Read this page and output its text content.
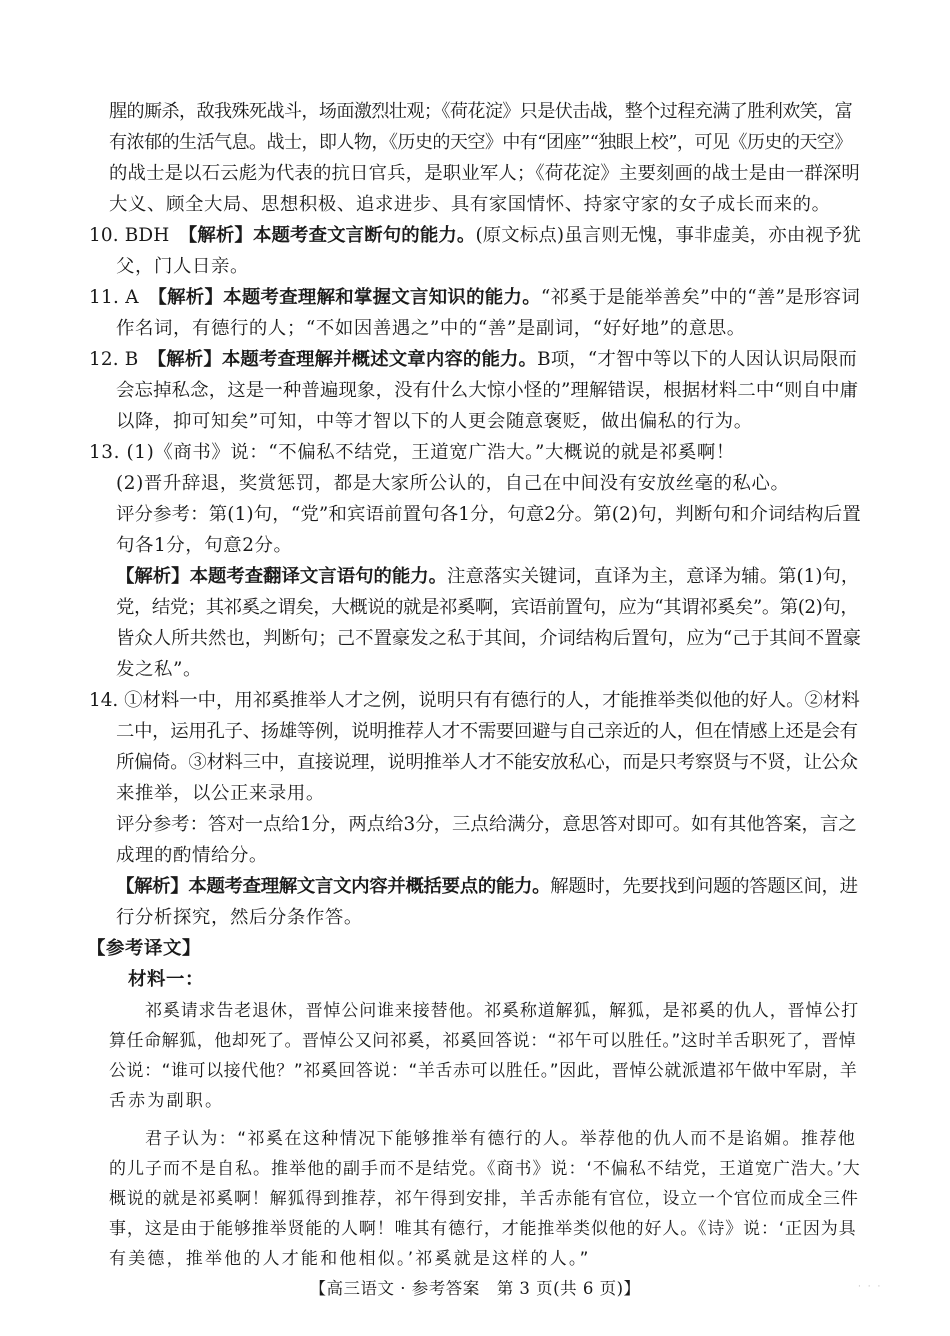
腥的厮杀，敌我殊死战斗，场面激烈壮观；《荷花淀》只是伏击战，整个过程充满了胜利欢笑，富
有浓郁的生活气息。战士，即人物，《历史的天空》中有“团座”“独眼上校”，可见《历史的天空》
的战士是以石云彪为代表的抗日官兵，是职业军人；《荷花淀》主要刻画的战士是由一群深明
大义、顾全大局、思想积极、追求进步、具有家国情怀、持家守家的女子成长而来的。
10. BDH　【解析】本题考查文言断句的能力。(原文标点)虽言则无愧，事非虚美，亦由视予犹
父，门人日亲。
11. A　【解析】本题考查理解和掌握文言知识的能力。“祁奚于是能举善矣”中的“善”是形容词
作名词，有德行的人；“不如因善遇之”中的“善”是副词，“好好地”的意思。
12. B　【解析】本题考查理解并概述文章内容的能力。B项，“才智中等以下的人因认识局限而
会忘掉私念，这是一种普遍现象，没有什么大惊小怪的”理解错误，根据材料二中“则自中庸
以降，抑可知矣”可知，中等才智以下的人更会随意褒贬，做出偏私的行为。
13. (1)《商书》说：“不偏私不结党，王道宽广浩大。”大概说的就是祁奚啊！
(2)晋升辞退，奖赏惩罚，都是大家所公认的，自己在中间没有安放丝毫的私心。
评分参考：第(1)句，“党”和宾语前置句各1分，句意2分。第(2)句，判断句和介词结构后置
句各1分，句意2分。
【解析】本题考查翻译文言语句的能力。注意落实关键词，直译为主，意译为辅。第(1)句，
党，结党；其祁奚之谓矣，大概说的就是祁奚啊，宾语前置句，应为“其谓祁奚矣”。第(2)句，
皆众人所共然也，判断句；己不置豪发之私于其间，介词结构后置句，应为“己于其间不置豪
发之私”。
14. ①材料一中，用祁奚推举人才之例，说明只有有德行的人，才能推举类似他的好人。②材料
二中，运用孔子、扬雄等例，说明推荐人才不需要回避与自己亲近的人，但在情感上还是会有
所偏倚。③材料三中，直接说理，说明推举人才不能安放私心，而是只考察贤与不贤，让公众
来推举，以公正来录用。
评分参考：答对一点给1分，两点给3分，三点给满分，意思答对即可。如有其他答案，言之
成理的酌情给分。
【解析】本题考查理解文言文内容并概括要点的能力。解题时，先要找到问题的答题区间，进
行分析探究，然后分条作答。
【参考译文】
材料一：
祁奚请求告老退休，晋悼公问谁来接替他。祁奚称道解狐，解狐，是祁奚的仇人，晋悼公打
算任命解狐，他却死了。晋悼公又问祁奚，祁奚回答说：“祁午可以胜任。”这时羊舌职死了，晋悼
公说：“谁可以接代他？”祁奚回答说：“羊舌赤可以胜任。”因此，晋悼公就派遣祁午做中军尉，羊
舌赤为副职。
君子认为：“祁奚在这种情况下能够推举有德行的人。举荐他的仇人而不是谄媚。推荐他
的儿子而不是自私。推举他的副手而不是结党。《商书》说：‘不偏私不结党，王道宽广浩大。’大
概说的就是祁奚啊！解狐得到推荐，祁午得到安排，羊舌赤能有官位，设立一个官位而成全三件
事，这是由于能够推举贤能的人啊！唯其有德行，才能推举类似他的好人。《诗》说：‘正因为具
有美德，推举他的人才能和他相似。’祁奚就是这样的人。”
【高三语文 · 参考答案　第 3 页(共 6 页)】	· · ·
